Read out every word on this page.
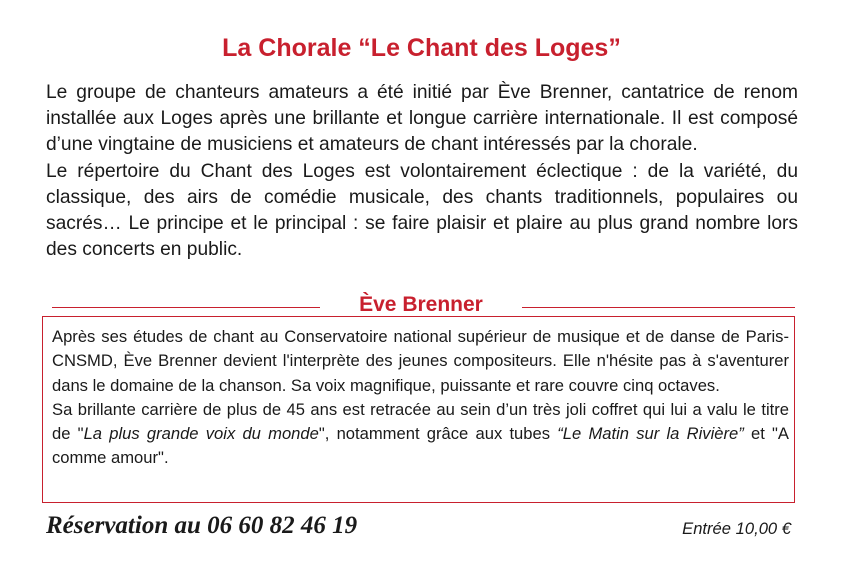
La Chorale “Le Chant des Loges”

Le groupe de chanteurs amateurs a été initié par Ève Brenner, cantatrice de renom installée aux Loges après une brillante et longue carrière internationale. Il est composé d’une vingtaine de musiciens et amateurs de chant intéressés par la chorale.

Le répertoire du Chant des Loges est volontairement éclectique : de la variété, du classique, des airs de comédie musicale, des chants traditionnels, populaires ou sacrés… Le principe et le principal : se faire plaisir et plaire au plus grand nombre lors des concerts en public.

Ève Brenner

Après ses études de chant au Conservatoire national supérieur de musique et de danse de Paris-CNSMD, Ève Brenner devient l'interprète des jeunes compositeurs. Elle n'hésite pas à s'aventurer dans le domaine de la chanson. Sa voix magnifique, puissante et rare couvre cinq octaves.

Sa brillante carrière de plus de 45 ans est retracée au sein d’un très joli coffret qui lui a valu le titre de "La plus grande voix du monde", notamment grâce aux tubes “Le Matin sur la Rivière” et "A comme amour".

Réservation au 06 60 82 46 19	Entrée 10,00 €
